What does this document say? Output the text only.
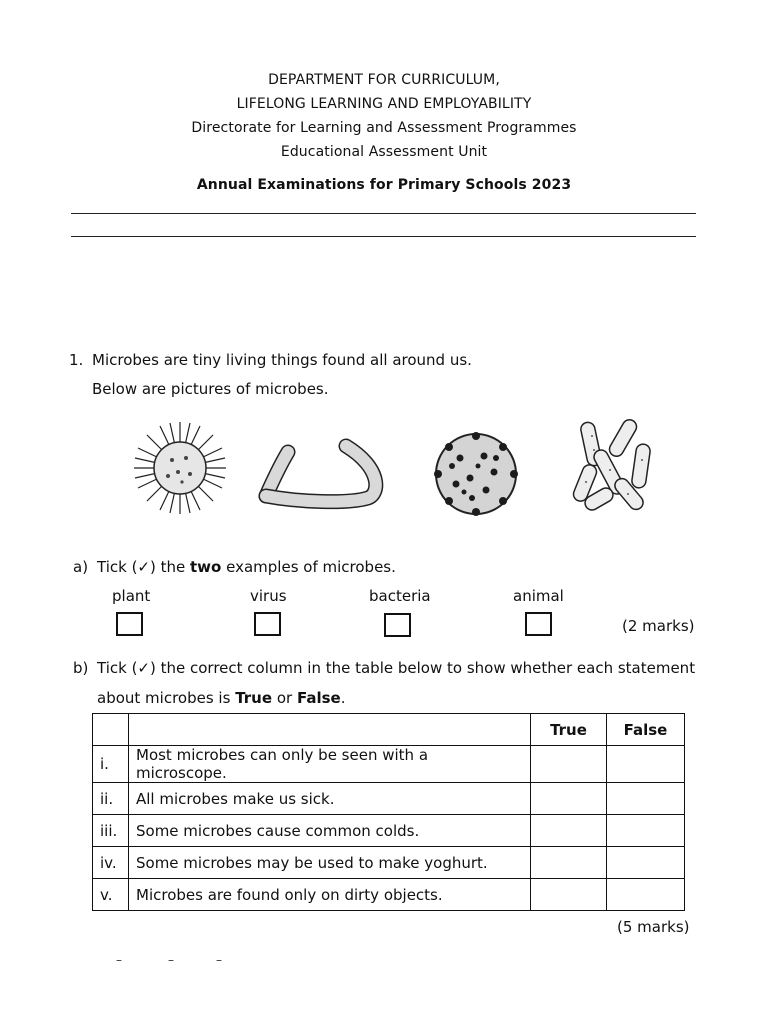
DEPARTMENT FOR CURRICULUM,
LIFELONG LEARNING AND EMPLOYABILITY
Directorate for Learning and Assessment Programmes
Educational Assessment Unit
Annual Examinations for Primary Schools 2023
1. Microbes are tiny living things found all around us.
Below are pictures of microbes.
a) Tick (✓) the two examples of microbes.
plant	virus	bacteria	animal
(2 marks)
b) Tick (✓) the correct column in the table below to show whether each statement
about microbes is True or False.
		True	False
i.	Most microbes can only be seen with a microscope.		
ii.	All microbes make us sick.		
iii.	Some microbes cause common colds.		
iv.	Some microbes may be used to make yoghurt.		
v.	Microbes are found only on dirty objects.		
(5 marks)
–	–	–
